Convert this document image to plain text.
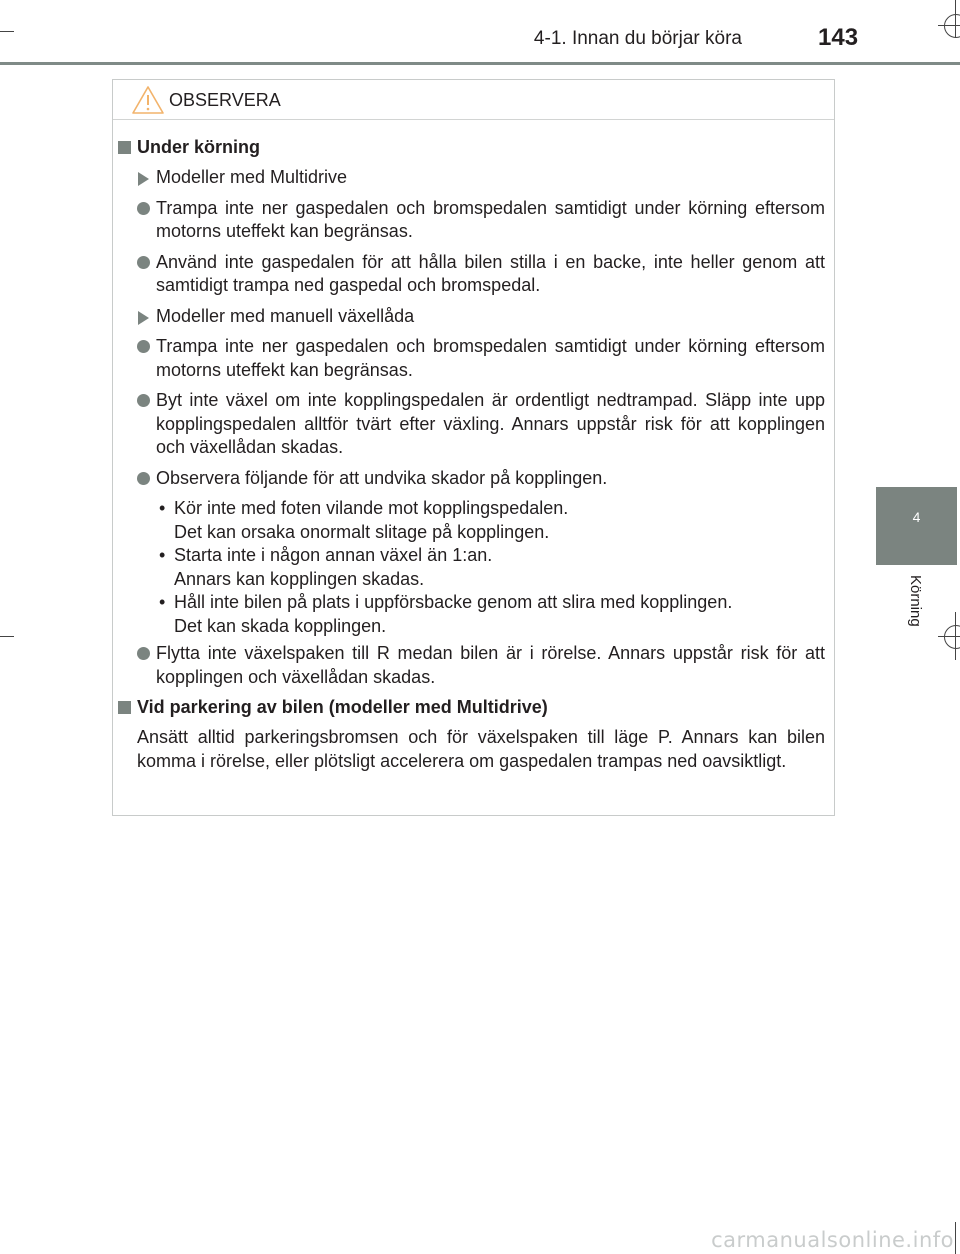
4-1. Innan du börjar köra	143
4
Körning
OBSERVERA
Under körning
Modeller med Multidrive
Trampa inte ner gaspedalen och bromspedalen samtidigt under körning eftersom motorns uteffekt kan begränsas.
Använd inte gaspedalen för att hålla bilen stilla i en backe, inte heller genom att samtidigt trampa ned gaspedal och bromspedal.
Modeller med manuell växellåda
Trampa inte ner gaspedalen och bromspedalen samtidigt under körning eftersom motorns uteffekt kan begränsas.
Byt inte växel om inte kopplingspedalen är ordentligt nedtrampad. Släpp inte upp kopplingspedalen alltför tvärt efter växling. Annars uppstår risk för att kopplingen och växellådan skadas.
Observera följande för att undvika skador på kopplingen.
• Kör inte med foten vilande mot kopplingspedalen.
Det kan orsaka onormalt slitage på kopplingen.
• Starta inte i någon annan växel än 1:an.
Annars kan kopplingen skadas.
• Håll inte bilen på plats i uppförsbacke genom att slira med kopplingen.
Det kan skada kopplingen.
Flytta inte växelspaken till R medan bilen är i rörelse. Annars uppstår risk för att kopplingen och växellådan skadas.
Vid parkering av bilen (modeller med Multidrive)
Ansätt alltid parkeringsbromsen och för växelspaken till läge P. Annars kan bilen komma i rörelse, eller plötsligt accelerera om gaspedalen trampas ned oavsiktligt.
carmanualsonline.info
